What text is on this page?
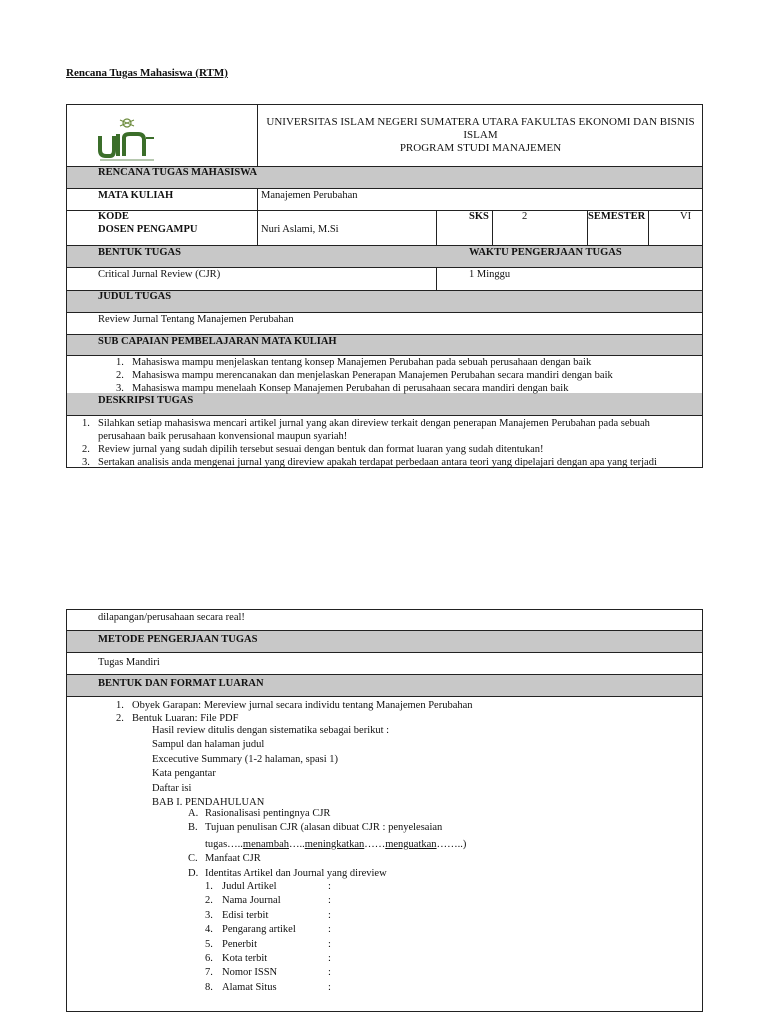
Rencana Tugas Mahasiswa (RTM)
UNIVERSITAS ISLAM NEGERI SUMATERA UTARA FAKULTAS EKONOMI DAN BISNIS
ISLAM
PROGRAM STUDI MANAJEMEN
RENCANA TUGAS MAHASISWA
MATA KULIAH	Manajemen Perubahan
KODE
DOSEN PENGAMPU	Nuri Aslami, M.Si
SKS	2	SEMESTER	VI
BENTUK TUGAS	WAKTU PENGERJAAN TUGAS
Critical Jurnal Review (CJR)	1 Minggu
JUDUL TUGAS
Review Jurnal Tentang Manajemen Perubahan
SUB CAPAIAN PEMBELAJARAN MATA KULIAH
1. Mahasiswa mampu menjelaskan tentang konsep Manajemen Perubahan pada sebuah perusahaan dengan baik
2. Mahasiswa mampu merencanakan dan menjelaskan Penerapan Manajemen Perubahan secara mandiri dengan baik
3. Mahasiswa mampu menelaah Konsep Manajemen Perubahan di perusahaan secara mandiri dengan baik
DESKRIPSI TUGAS
1. Silahkan setiap mahasiswa mencari artikel jurnal yang akan direview terkait dengan penerapan Manajemen Perubahan pada sebuah
perusahaan baik perusahaan konvensional maupun syariah!
2. Review jurnal yang sudah dipilih tersebut sesuai dengan bentuk dan format luaran yang sudah ditentukan!
3. Sertakan analisis anda mengenai jurnal yang direview apakah terdapat perbedaan antara teori yang dipelajari dengan apa yang terjadi
dilapangan/perusahaan secara real!
METODE PENGERJAAN TUGAS
Tugas Mandiri
BENTUK DAN FORMAT LUARAN
1. Obyek Garapan: Mereview jurnal secara individu tentang Manajemen Perubahan
2. Bentuk Luaran: File PDF
Hasil review ditulis dengan sistematika sebagai berikut :
Sampul dan halaman judul
Excecutive Summary (1-2 halaman, spasi 1)
Kata pengantar
Daftar isi
BAB I. PENDAHULUAN
A. Rasionalisasi pentingnya CJR
B. Tujuan penulisan CJR (alasan dibuat CJR : penyelesaian
tugas…..menambah…..meningkatkan……menguatkan……..)
C. Manfaat CJR
D. Identitas Artikel dan Journal yang direview
1. Judul Artikel	:
2. Nama Journal	:
3. Edisi terbit	:
4. Pengarang artikel	:
5. Penerbit	:
6. Kota terbit	:
7. Nomor ISSN	:
8. Alamat Situs	:
